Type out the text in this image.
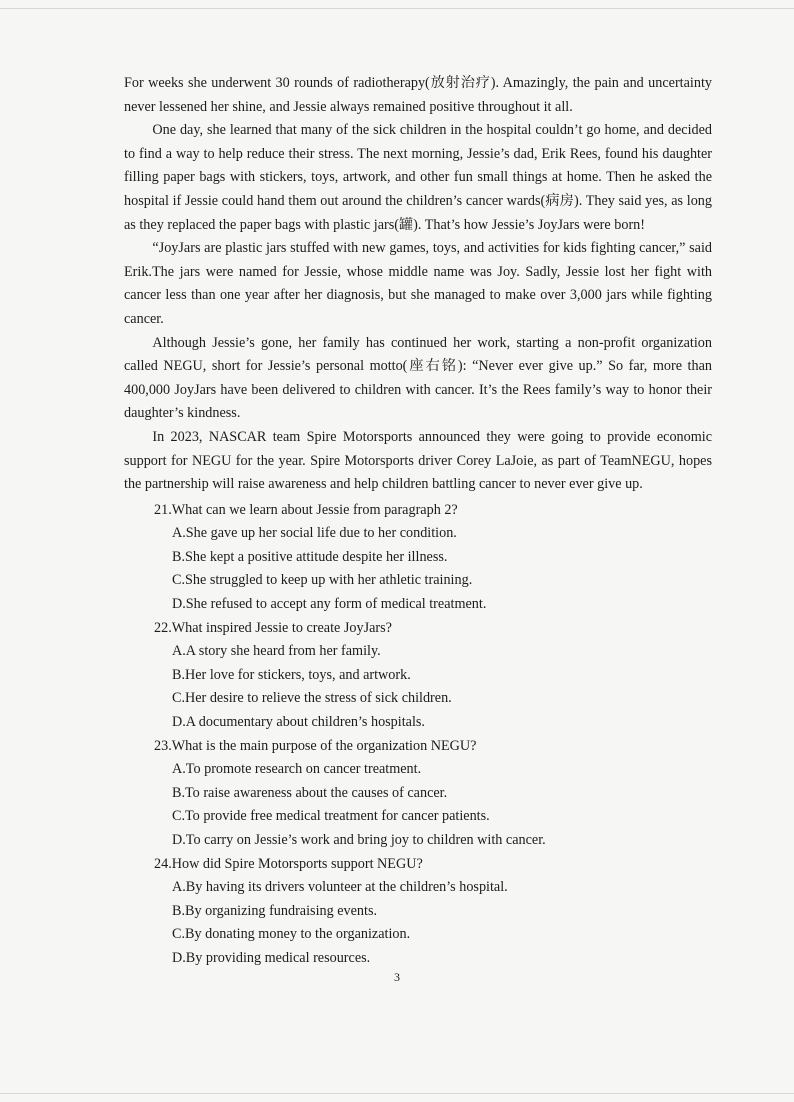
For weeks she underwent 30 rounds of radiotherapy(放射治疗). Amazingly, the pain and uncertainty never lessened her shine, and Jessie always remained positive throughout it all.

One day, she learned that many of the sick children in the hospital couldn’t go home, and decided to find a way to help reduce their stress. The next morning, Jessie’s dad, Erik Rees, found his daughter filling paper bags with stickers, toys, artwork, and other fun small things at home. Then he asked the hospital if Jessie could hand them out around the children’s cancer wards(病房). They said yes, as long as they replaced the paper bags with plastic jars(罐). That’s how Jessie’s JoyJars were born!

“JoyJars are plastic jars stuffed with new games, toys, and activities for kids fighting cancer,” said Erik.The jars were named for Jessie, whose middle name was Joy. Sadly, Jessie lost her fight with cancer less than one year after her diagnosis, but she managed to make over 3,000 jars while fighting cancer.

Although Jessie’s gone, her family has continued her work, starting a non-profit organization called NEGU, short for Jessie’s personal motto(座右铭): “Never ever give up.” So far, more than 400,000 JoyJars have been delivered to children with cancer. It’s the Rees family’s way to honor their daughter’s kindness.

In 2023, NASCAR team Spire Motorsports announced they were going to provide economic support for NEGU for the year. Spire Motorsports driver Corey LaJoie, as part of TeamNEGU, hopes the partnership will raise awareness and help children battling cancer to never ever give up.

21.What can we learn about Jessie from paragraph 2?
A.She gave up her social life due to her condition.
B.She kept a positive attitude despite her illness.
C.She struggled to keep up with her athletic training.
D.She refused to accept any form of medical treatment.
22.What inspired Jessie to create JoyJars?
A.A story she heard from her family.
B.Her love for stickers, toys, and artwork.
C.Her desire to relieve the stress of sick children.
D.A documentary about children’s hospitals.
23.What is the main purpose of the organization NEGU?
A.To promote research on cancer treatment.
B.To raise awareness about the causes of cancer.
C.To provide free medical treatment for cancer patients.
D.To carry on Jessie’s work and bring joy to children with cancer.
24.How did Spire Motorsports support NEGU?
A.By having its drivers volunteer at the children’s hospital.
B.By organizing fundraising events.
C.By donating money to the organization.
D.By providing medical resources.
3
